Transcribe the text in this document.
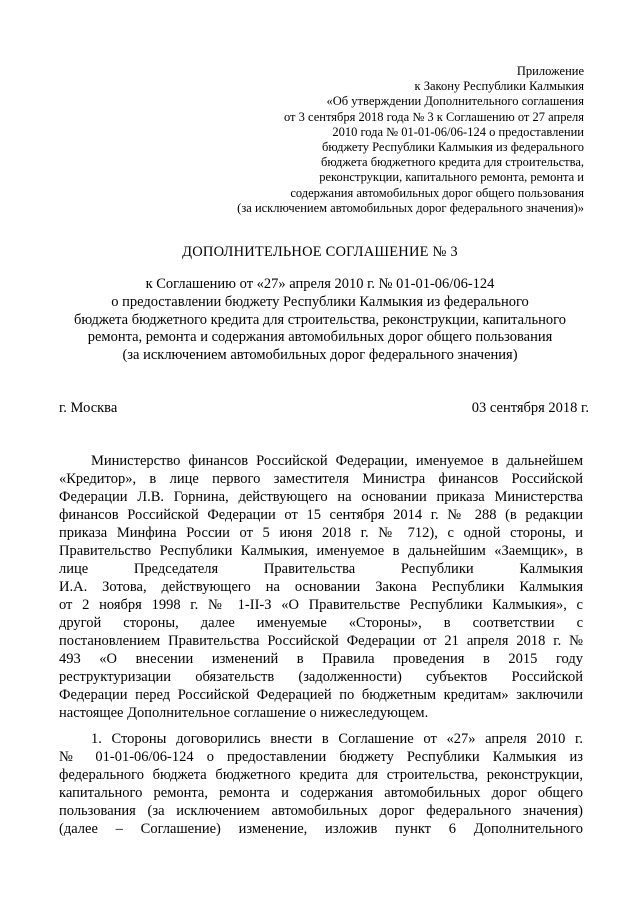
Приложение
к Закону Республики Калмыкия
«Об утверждении Дополнительного соглашения
от 3 сентября 2018 года № 3 к Соглашению от 27 апреля
2010 года № 01-01-06/06-124 о предоставлении
бюджету Республики Калмыкия из федерального
бюджета бюджетного кредита для строительства,
реконструкции, капитального ремонта, ремонта и
содержания автомобильных дорог общего пользования
(за исключением автомобильных дорог федерального значения)»
ДОПОЛНИТЕЛЬНОЕ СОГЛАШЕНИЕ № 3
к Соглашению от «27» апреля 2010 г. № 01-01-06/06-124
о предоставлении бюджету Республики Калмыкия из федерального
бюджета бюджетного кредита для строительства, реконструкции, капитального
ремонта, ремонта и содержания автомобильных дорог общего пользования
(за исключением автомобильных дорог федерального значения)
г. Москва	03 сентября 2018 г.
Министерство финансов Российской Федерации, именуемое в дальнейшем
«Кредитор», в лице первого заместителя Министра финансов Российской
Федерации Л.В. Горнина, действующего на основании приказа Министерства
финансов Российской Федерации от 15 сентября 2014 г. № 288 (в редакции
приказа Минфина России от 5 июня 2018 г. № 712), с одной стороны, и
Правительство Республики Калмыкия, именуемое в дальнейшим «Заемщик», в
лице Председателя Правительства Республики Калмыкия
И.А. Зотова, действующего на основании Закона Республики Калмыкия
от 2 ноября 1998 г. № 1-II-З «О Правительстве Республики Калмыкия», с
другой стороны, далее именуемые «Стороны», в соответствии с
постановлением Правительства Российской Федерации от 21 апреля 2018 г. №
493 «О внесении изменений в Правила проведения в 2015 году
реструктуризации обязательств (задолженности) субъектов Российской
Федерации перед Российской Федерацией по бюджетным кредитам» заключили
настоящее Дополнительное соглашение о нижеследующем.
1. Стороны договорились внести в Соглашение от «27» апреля 2010 г.
№ 01-01-06/06-124 о предоставлении бюджету Республики Калмыкия из
федерального бюджета бюджетного кредита для строительства, реконструкции,
капитального ремонта, ремонта и содержания автомобильных дорог общего
пользования (за исключением автомобильных дорог федерального значения)
(далее – Соглашение) изменение, изложив пункт 6 Дополнительного
